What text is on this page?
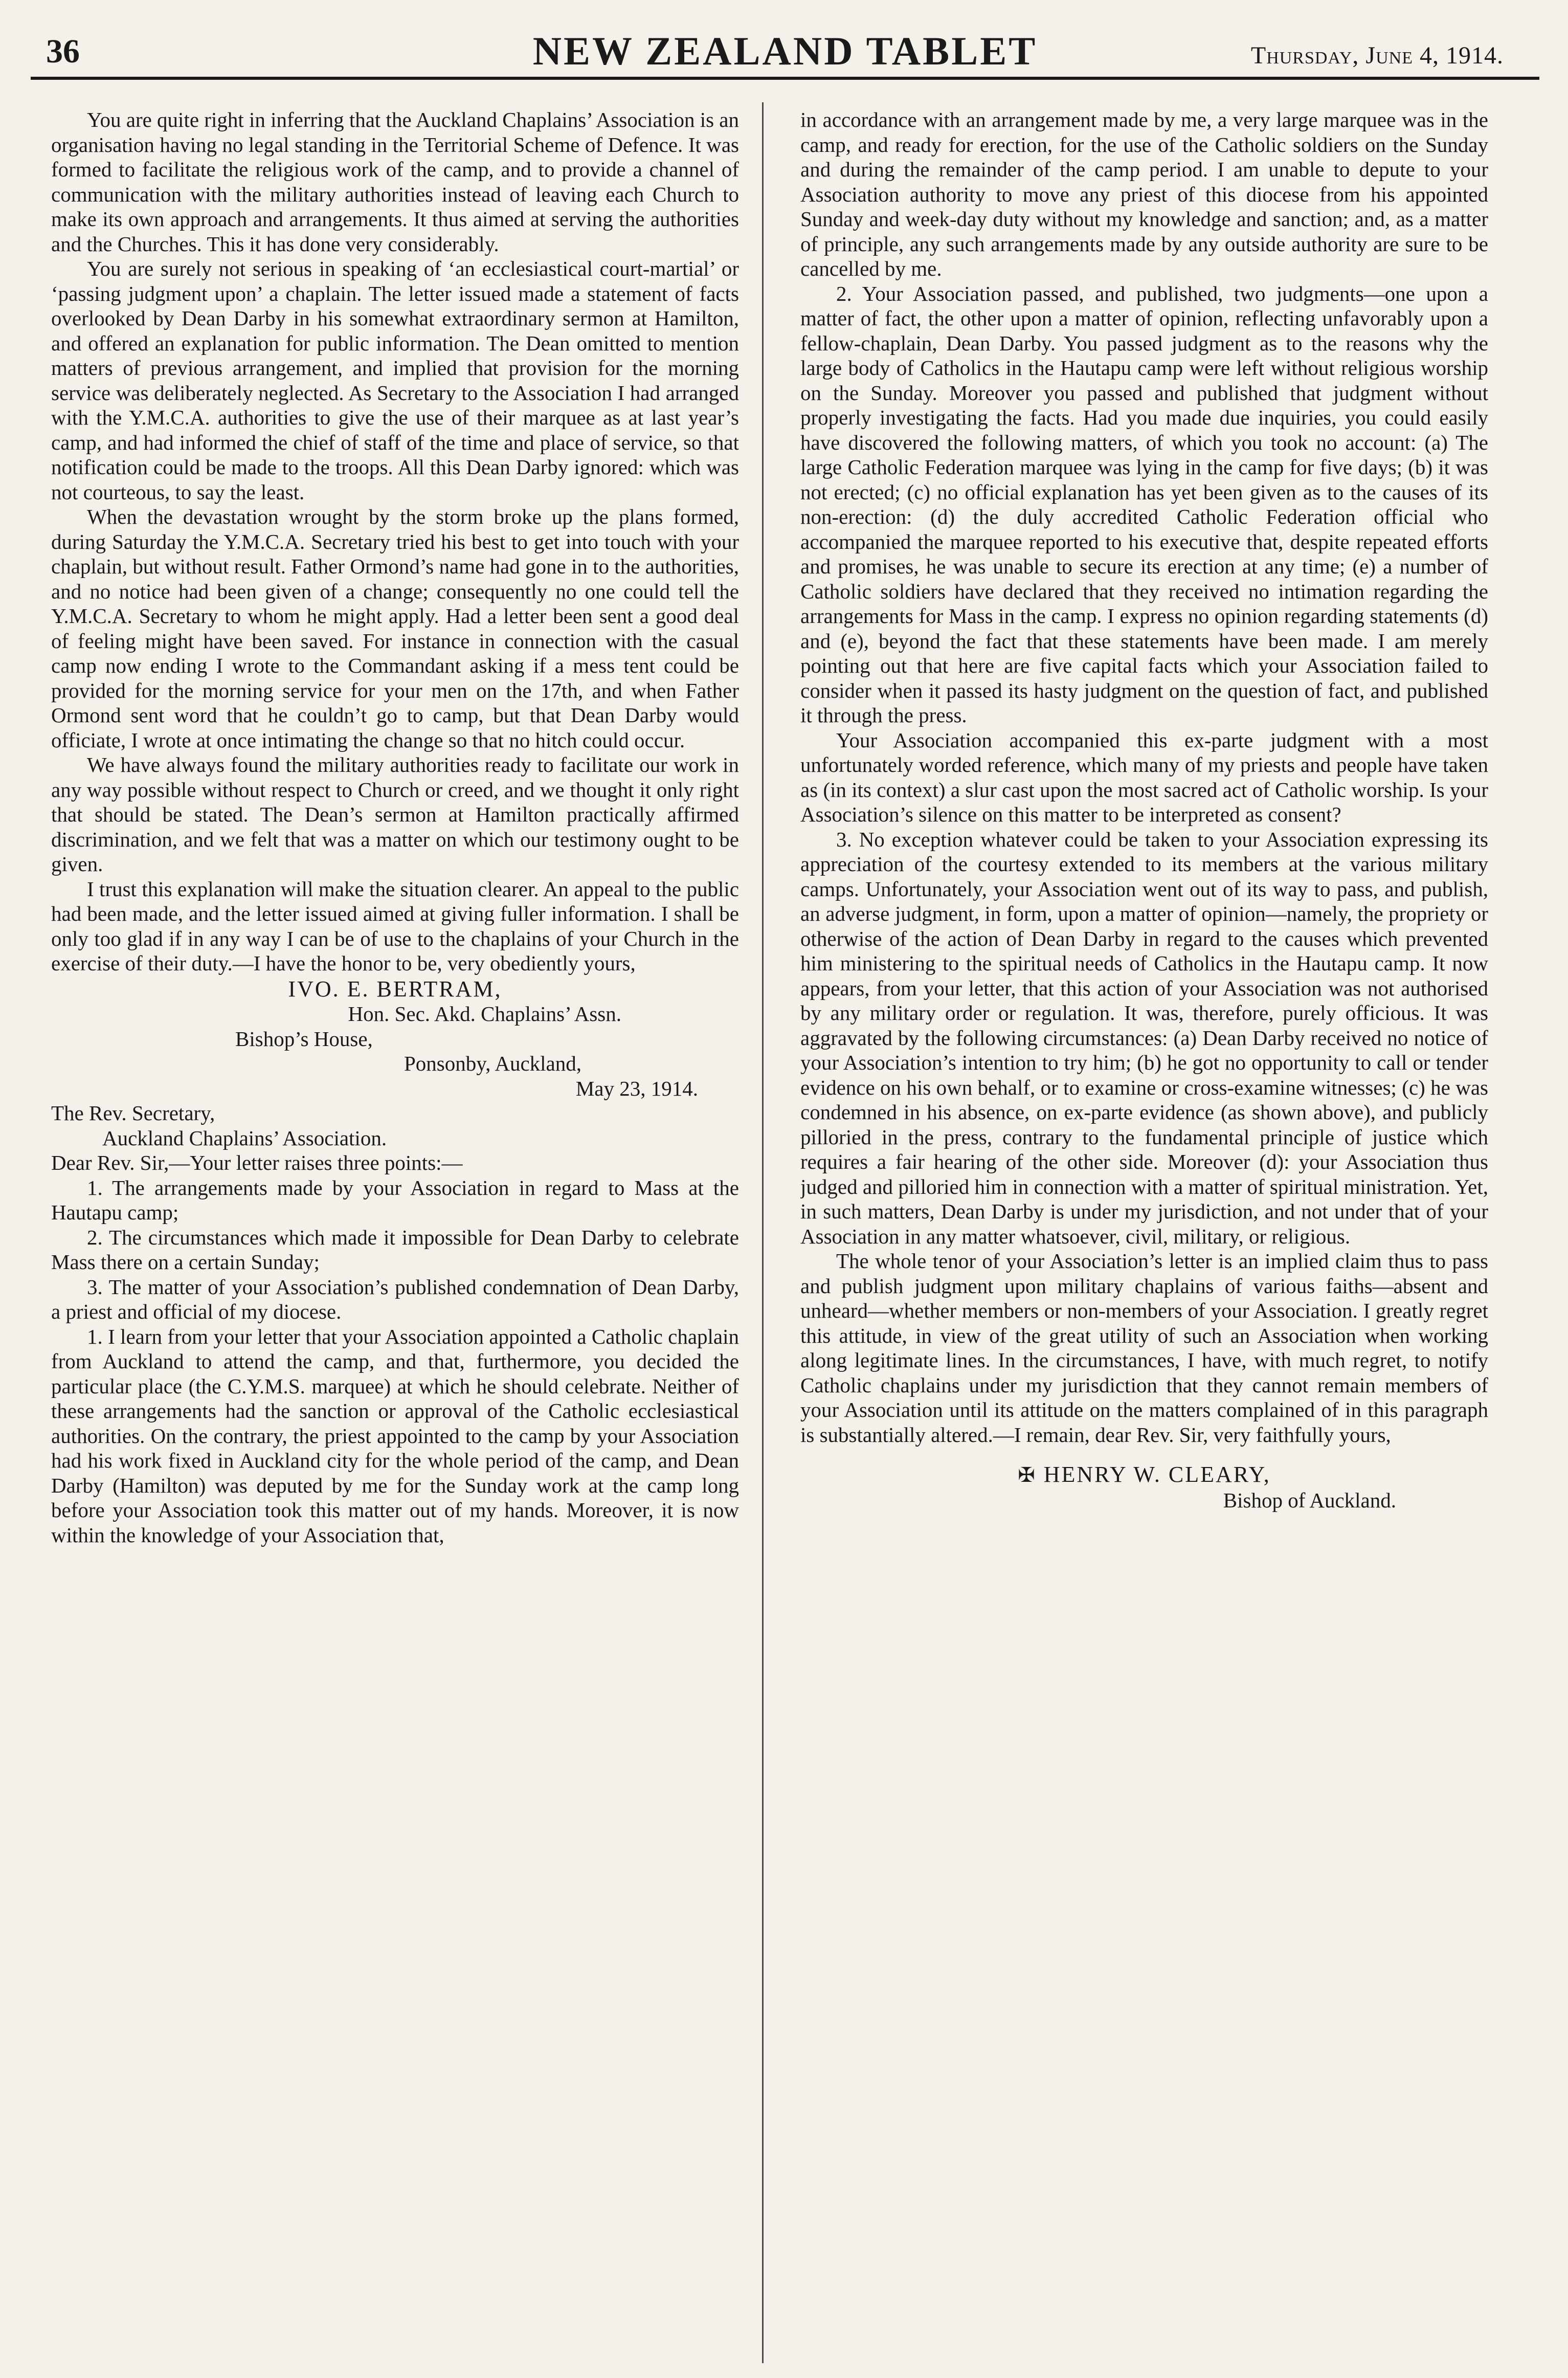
36	NEW ZEALAND TABLET	Thursday, June 4, 1914.

You are quite right in inferring that the Auckland Chaplains’ Association is an organisation having no legal standing in the Territorial Scheme of Defence. It was formed to facilitate the religious work of the camp, and to provide a channel of communication with the military authorities instead of leaving each Church to make its own approach and arrangements. It thus aimed at serving the authorities and the Churches. This it has done very considerably.

You are surely not serious in speaking of ‘an ecclesiastical court-martial’ or ‘passing judgment upon’ a chaplain. The letter issued made a statement of facts overlooked by Dean Darby in his somewhat extraordinary sermon at Hamilton, and offered an explanation for public information. The Dean omitted to mention matters of previous arrangement, and implied that provision for the morning service was deliberately neglected. As Secretary to the Association I had arranged with the Y.M.C.A. authorities to give the use of their marquee as at last year’s camp, and had informed the chief of staff of the time and place of service, so that notification could be made to the troops. All this Dean Darby ignored: which was not courteous, to say the least.

When the devastation wrought by the storm broke up the plans formed, during Saturday the Y.M.C.A. Secretary tried his best to get into touch with your chaplain, but without result. Father Ormond’s name had gone in to the authorities, and no notice had been given of a change; consequently no one could tell the Y.M.C.A. Secretary to whom he might apply. Had a letter been sent a good deal of feeling might have been saved. For instance in connection with the casual camp now ending I wrote to the Commandant asking if a mess tent could be provided for the morning service for your men on the 17th, and when Father Ormond sent word that he couldn’t go to camp, but that Dean Darby would officiate, I wrote at once intimating the change so that no hitch could occur.

We have always found the military authorities ready to facilitate our work in any way possible without respect to Church or creed, and we thought it only right that should be stated. The Dean’s sermon at Hamilton practically affirmed discrimination, and we felt that was a matter on which our testimony ought to be given.

I trust this explanation will make the situation clearer. An appeal to the public had been made, and the letter issued aimed at giving fuller information. I shall be only too glad if in any way I can be of use to the chaplains of your Church in the exercise of their duty.—I have the honor to be, very obediently yours,

IVO. E. BERTRAM,
Hon. Sec. Akd. Chaplains’ Assn.
Bishop’s House,
Ponsonby, Auckland,
May 23, 1914.
The Rev. Secretary,
Auckland Chaplains’ Association.

Dear Rev. Sir,—Your letter raises three points:—

1. The arrangements made by your Association in regard to Mass at the Hautapu camp;

2. The circumstances which made it impossible for Dean Darby to celebrate Mass there on a certain Sunday;

3. The matter of your Association’s published condemnation of Dean Darby, a priest and official of my diocese.

1. I learn from your letter that your Association appointed a Catholic chaplain from Auckland to attend the camp, and that, furthermore, you decided the particular place (the C.Y.M.S. marquee) at which he should celebrate. Neither of these arrangements had the sanction or approval of the Catholic ecclesiastical authorities. On the contrary, the priest appointed to the camp by your Association had his work fixed in Auckland city for the whole period of the camp, and Dean Darby (Hamilton) was deputed by me for the Sunday work at the camp long before your Association took this matter out of my hands. Moreover, it is now within the knowledge of your Association that,

in accordance with an arrangement made by me, a very large marquee was in the camp, and ready for erection, for the use of the Catholic soldiers on the Sunday and during the remainder of the camp period. I am unable to depute to your Association authority to move any priest of this diocese from his appointed Sunday and week-day duty without my knowledge and sanction; and, as a matter of principle, any such arrangements made by any outside authority are sure to be cancelled by me.

2. Your Association passed, and published, two judgments—one upon a matter of fact, the other upon a matter of opinion, reflecting unfavorably upon a fellow-chaplain, Dean Darby. You passed judgment as to the reasons why the large body of Catholics in the Hautapu camp were left without religious worship on the Sunday. Moreover you passed and published that judgment without properly investigating the facts. Had you made due inquiries, you could easily have discovered the following matters, of which you took no account: (a) The large Catholic Federation marquee was lying in the camp for five days; (b) it was not erected; (c) no official explanation has yet been given as to the causes of its non-erection: (d) the duly accredited Catholic Federation official who accompanied the marquee reported to his executive that, despite repeated efforts and promises, he was unable to secure its erection at any time; (e) a number of Catholic soldiers have declared that they received no intimation regarding the arrangements for Mass in the camp. I express no opinion regarding statements (d) and (e), beyond the fact that these statements have been made. I am merely pointing out that here are five capital facts which your Association failed to consider when it passed its hasty judgment on the question of fact, and published it through the press.

Your Association accompanied this ex-parte judgment with a most unfortunately worded reference, which many of my priests and people have taken as (in its context) a slur cast upon the most sacred act of Catholic worship. Is your Association’s silence on this matter to be interpreted as consent?

3. No exception whatever could be taken to your Association expressing its appreciation of the courtesy extended to its members at the various military camps. Unfortunately, your Association went out of its way to pass, and publish, an adverse judgment, in form, upon a matter of opinion—namely, the propriety or otherwise of the action of Dean Darby in regard to the causes which prevented him ministering to the spiritual needs of Catholics in the Hautapu camp. It now appears, from your letter, that this action of your Association was not authorised by any military order or regulation. It was, therefore, purely officious. It was aggravated by the following circumstances: (a) Dean Darby received no notice of your Association’s intention to try him; (b) he got no opportunity to call or tender evidence on his own behalf, or to examine or cross-examine witnesses; (c) he was condemned in his absence, on ex-parte evidence (as shown above), and publicly pilloried in the press, contrary to the fundamental principle of justice which requires a fair hearing of the other side. Moreover (d): your Association thus judged and pilloried him in connection with a matter of spiritual ministration. Yet, in such matters, Dean Darby is under my jurisdiction, and not under that of your Association in any matter whatsoever, civil, military, or religious.

The whole tenor of your Association’s letter is an implied claim thus to pass and publish judgment upon military chaplains of various faiths—absent and unheard—whether members or non-members of your Association. I greatly regret this attitude, in view of the great utility of such an Association when working along legitimate lines. In the circumstances, I have, with much regret, to notify Catholic chaplains under my jurisdiction that they cannot remain members of your Association until its attitude on the matters complained of in this paragraph is substantially altered.—I remain, dear Rev. Sir, very faithfully yours,

✠ HENRY W. CLEARY,
Bishop of Auckland.
